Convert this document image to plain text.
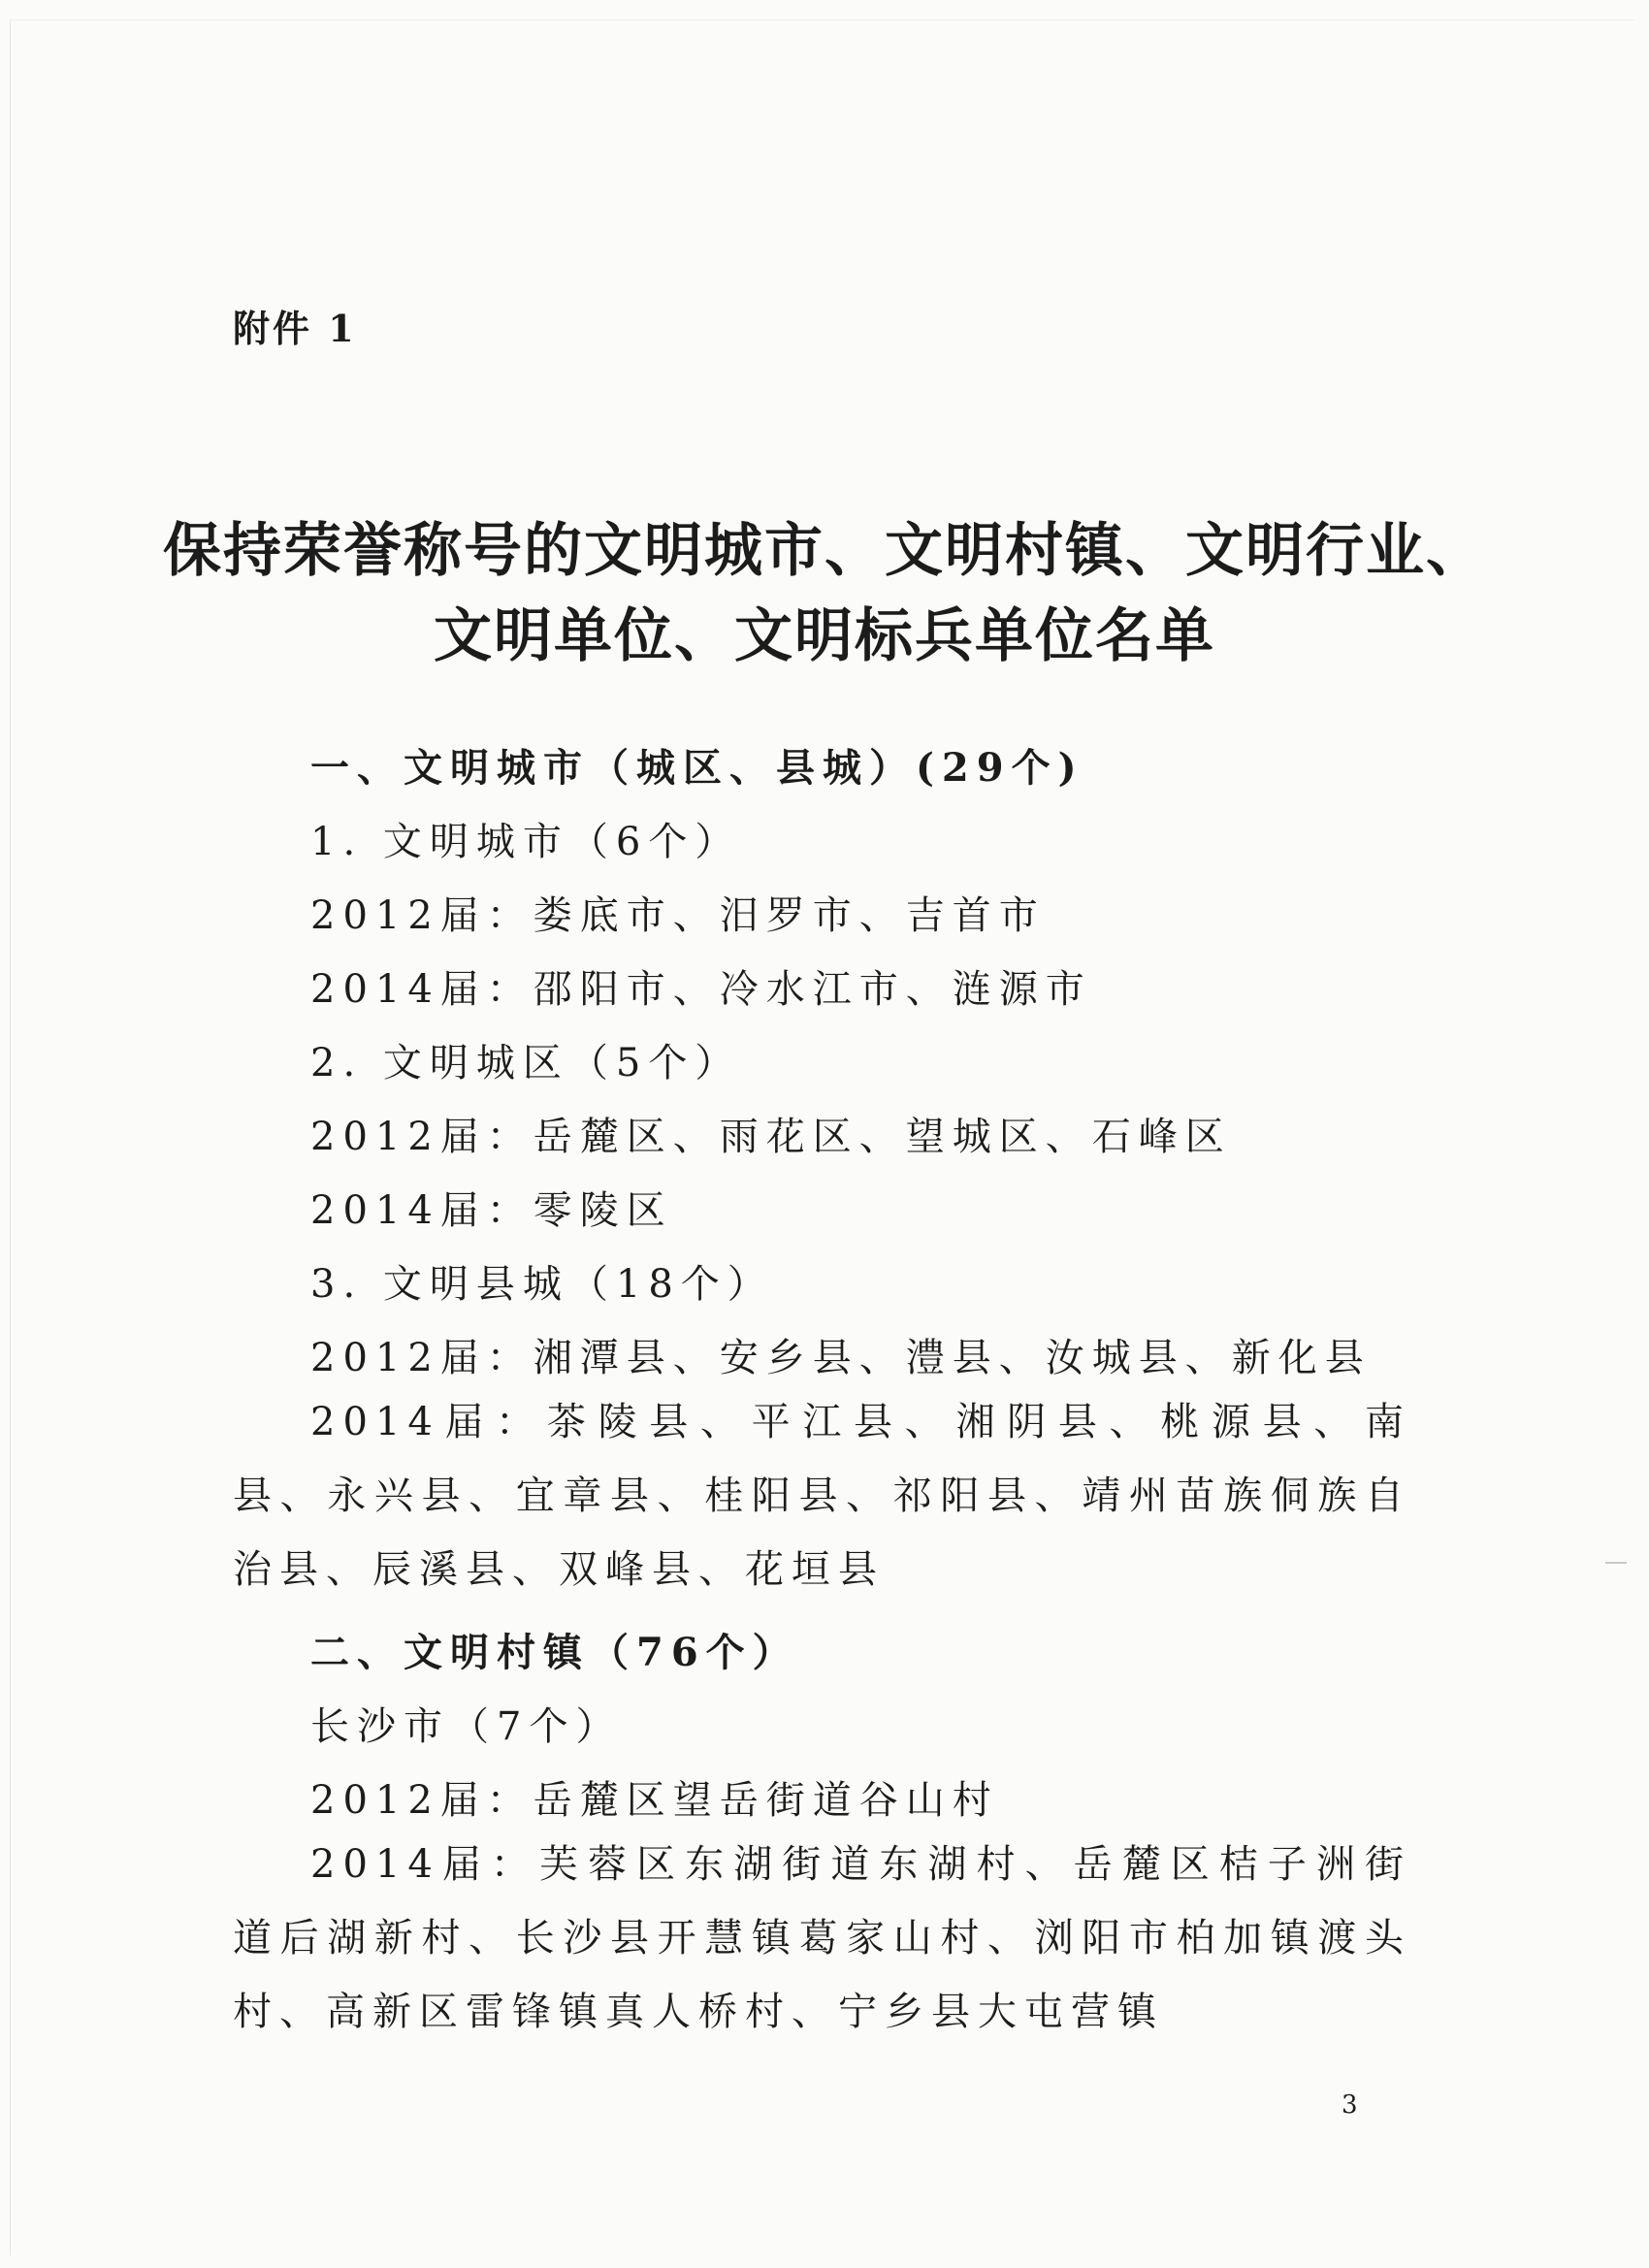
附件 1
保持荣誉称号的文明城市、文明村镇、文明行业、
文明单位、文明标兵单位名单
一、文明城市（城区、县城）(29个)
1. 文明城市（6个）
2012届：娄底市、汨罗市、吉首市
2014届：邵阳市、冷水江市、涟源市
2. 文明城区（5个）
2012届：岳麓区、雨花区、望城区、石峰区
2014届：零陵区
3. 文明县城（18个）
2012届：湘潭县、安乡县、澧县、汝城县、新化县
2014届：茶陵县、平江县、湘阴县、桃源县、南县、永兴县、宜章县、桂阳县、祁阳县、靖州苗族侗族自治县、辰溪县、双峰县、花垣县
二、文明村镇（76个）
长沙市（7个）
2012届：岳麓区望岳街道谷山村
2014届：芙蓉区东湖街道东湖村、岳麓区桔子洲街道后湖新村、长沙县开慧镇葛家山村、浏阳市柏加镇渡头村、高新区雷锋镇真人桥村、宁乡县大屯营镇
3
